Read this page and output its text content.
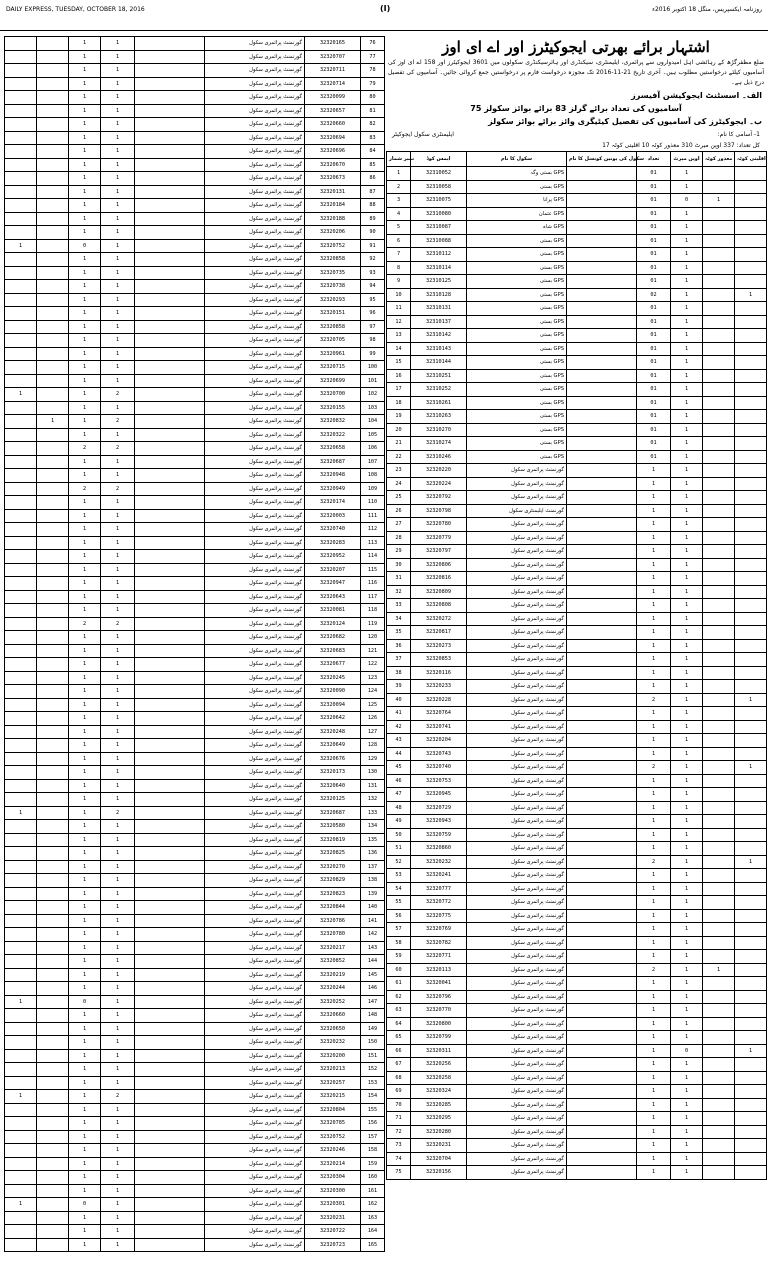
DAILY EXPRESS, TUESDAY, OCTOBER 18, 2016	(I)	روزنامہ ایکسپریس، منگل 18 اکتوبر 2016ء
اشتہار برائے بھرتی ایجوکیٹرز اور اے ای اوز
ضلع مظفرگڑھ کے رہائشی اہل امیدواروں سے پرائمری، ایلیمنٹری، سیکنڈری اور ہائرسیکنڈری سکولوں میں 3601 ایجوکیٹرز اور 158 اے ای اوز کی آسامیوں کیلئے درخواستیں مطلوب ہیں۔ آخری تاریخ 21-11-2016 تک مجوزہ درخواست فارم پر درخواستیں جمع کروائی جائیں۔ آسامیوں کی تفصیل درج ذیل ہے۔
الف۔ اسسٹنٹ ایجوکیشن آفیسرز
آسامیوں کی تعداد برائے گرلز 83 برائے بوائز سکولز 75
ب۔ ایجوکیٹرز کی آسامیوں کی تفصیل کیٹیگری وائز برائے بوائز سکولز
1- آسامی کا نام:
ایلیمنٹری سکول ایجوکیٹر
کل تعداد: 337 اوپن میرٹ 310 معذور کوٹہ 10 اقلیتی کوٹہ 17
نمبر شمار	ایمس کوڈ	سکول کا نام	سکول کی یونین کونسل کا نام	تعداد	اوپن میرٹ	معذور کوٹہ	اقلیتی کوٹہ
1	32310052	GPS بستی وگہ		01	1		
2	32310058	GPS بستی		01	1		
3	32310075	GPS پرانا		01	0	1	
4	32310080	GPS عثمان		01	1		
5	32310087	GPS شاہ		01	1		
6	32310088	GPS بستی		01	1		
7	32310112	GPS بستی		01	1		
8	32310114	GPS بستی		01	1		
9	32310125	GPS بستی		01	1		
10	32310128	GPS بستی		02	1		1
11	32310131	GPS بستی		01	1		
12	32310137	GPS بستی		01	1		
13	32310142	GPS بستی		01	1		
14	32310143	GPS بستی		01	1		
15	32310144	GPS بستی		01	1		
16	32310251	GPS بستی		01	1		
17	32310252	GPS بستی		01	1		
18	32310261	GPS بستی		01	1		
19	32310263	GPS بستی		01	1		
20	32310270	GPS بستی		01	1		
21	32310274	GPS بستی		01	1		
22	32310246	GPS بستی		01	1		
23	32320220	گورنمنٹ پرائمری سکول		1	1		
24	32320224	گورنمنٹ پرائمری سکول		1	1		
25	32320792	گورنمنٹ پرائمری سکول		1	1		
26	32320798	گورنمنٹ ایلیمنٹری سکول		1	1		
27	32320780	گورنمنٹ پرائمری سکول		1	1		
28	32320779	گورنمنٹ پرائمری سکول		1	1		
29	32320797	گورنمنٹ پرائمری سکول		1	1		
30	32320806	گورنمنٹ پرائمری سکول		1	1		
31	32320816	گورنمنٹ پرائمری سکول		1	1		
32	32320809	گورنمنٹ پرائمری سکول		1	1		
33	32320808	گورنمنٹ پرائمری سکول		1	1		
34	32320272	گورنمنٹ پرائمری سکول		1	1		
35	32320817	گورنمنٹ پرائمری سکول		1	1		
36	32320273	گورنمنٹ پرائمری سکول		1	1		
37	32320853	گورنمنٹ پرائمری سکول		1	1		
38	32320116	گورنمنٹ پرائمری سکول		1	1		
39	32320233	گورنمنٹ پرائمری سکول		1	1		
40	32320228	گورنمنٹ پرائمری سکول		2	1		1
41	32320764	گورنمنٹ پرائمری سکول		1	1		
42	32320741	گورنمنٹ پرائمری سکول		1	1		
43	32320204	گورنمنٹ پرائمری سکول		1	1		
44	32320743	گورنمنٹ پرائمری سکول		1	1		
45	32320740	گورنمنٹ پرائمری سکول		2	1		1
46	32320753	گورنمنٹ پرائمری سکول		1	1		
47	32320945	گورنمنٹ پرائمری سکول		1	1		
48	32320729	گورنمنٹ پرائمری سکول		1	1		
49	32320943	گورنمنٹ پرائمری سکول		1	1		
50	32320759	گورنمنٹ پرائمری سکول		1	1		
51	32320860	گورنمنٹ پرائمری سکول		1	1		
52	32320232	گورنمنٹ پرائمری سکول		2	1		1
53	32320241	گورنمنٹ پرائمری سکول		1	1		
54	32320777	گورنمنٹ پرائمری سکول		1	1		
55	32320772	گورنمنٹ پرائمری سکول		1	1		
56	32320775	گورنمنٹ پرائمری سکول		1	1		
57	32320769	گورنمنٹ پرائمری سکول		1	1		
58	32320782	گورنمنٹ پرائمری سکول		1	1		
59	32320771	گورنمنٹ پرائمری سکول		1	1		
60	32320113	گورنمنٹ پرائمری سکول		2	1	1	
61	32320041	گورنمنٹ پرائمری سکول		1	1		
62	32320796	گورنمنٹ پرائمری سکول		1	1		
63	32320770	گورنمنٹ پرائمری سکول		1	1		
64	32320800	گورنمنٹ پرائمری سکول		1	1		
65	32320799	گورنمنٹ پرائمری سکول		1	1		
66	32320311	گورنمنٹ پرائمری سکول		1	0		1
67	32320256	گورنمنٹ پرائمری سکول		1	1		
68	32320258	گورنمنٹ پرائمری سکول		1	1		
69	32320324	گورنمنٹ پرائمری سکول		1	1		
70	32320285	گورنمنٹ پرائمری سکول		1	1		
71	32320295	گورنمنٹ پرائمری سکول		1	1		
72	32320280	گورنمنٹ پرائمری سکول		1	1		
73	32320231	گورنمنٹ پرائمری سکول		1	1		
74	32320704	گورنمنٹ پرائمری سکول		1	1		
75	32320156	گورنمنٹ پرائمری سکول		1	1		
		1	1		گورنمنٹ پرائمری سکول	32320165	76
		1	1		گورنمنٹ پرائمری سکول	32320707	77
		1	1		گورنمنٹ پرائمری سکول	32320711	78
		1	1		گورنمنٹ پرائمری سکول	32320714	79
		1	1		گورنمنٹ پرائمری سکول	32320099	80
		1	1		گورنمنٹ پرائمری سکول	32320657	81
		1	1		گورنمنٹ پرائمری سکول	32320660	82
		1	1		گورنمنٹ پرائمری سکول	32320694	83
		1	1		گورنمنٹ پرائمری سکول	32320696	84
		1	1		گورنمنٹ پرائمری سکول	32320670	85
		1	1		گورنمنٹ پرائمری سکول	32320673	86
		1	1		گورنمنٹ پرائمری سکول	32320131	87
		1	1		گورنمنٹ پرائمری سکول	32320184	88
		1	1		گورنمنٹ پرائمری سکول	32320188	89
		1	1		گورنمنٹ پرائمری سکول	32320206	90
1		0	1		گورنمنٹ پرائمری سکول	32320752	91
		1	1		گورنمنٹ پرائمری سکول	32320858	92
		1	1		گورنمنٹ پرائمری سکول	32320735	93
		1	1		گورنمنٹ پرائمری سکول	32320738	94
		1	1		گورنمنٹ پرائمری سکول	32320293	95
		1	1		گورنمنٹ پرائمری سکول	32320151	96
		1	1		گورنمنٹ پرائمری سکول	32320858	97
		1	1		گورنمنٹ پرائمری سکول	32320705	98
		1	1		گورنمنٹ پرائمری سکول	32320961	99
		1	1		گورنمنٹ پرائمری سکول	32320715	100
		1	1		گورنمنٹ پرائمری سکول	32320699	101
1		1	2		گورنمنٹ پرائمری سکول	32320700	102
		1	1		گورنمنٹ پرائمری سکول	32320155	103
	1	1	2		گورنمنٹ پرائمری سکول	32320832	104
		1	1		گورنمنٹ پرائمری سکول	32320322	105
		2	2		گورنمنٹ پرائمری سکول	32320658	106
		1	1		گورنمنٹ پرائمری سکول	32320687	107
		1	1		گورنمنٹ پرائمری سکول	32320948	108
		2	2		گورنمنٹ پرائمری سکول	32320949	109
		1	1		گورنمنٹ پرائمری سکول	32320174	110
		1	1		گورنمنٹ پرائمری سکول	32320003	111
		1	1		گورنمنٹ پرائمری سکول	32320740	112
		1	1		گورنمنٹ پرائمری سکول	32320283	113
		1	1		گورنمنٹ پرائمری سکول	32320952	114
		1	1		گورنمنٹ پرائمری سکول	32320207	115
		1	1		گورنمنٹ پرائمری سکول	32320947	116
		1	1		گورنمنٹ پرائمری سکول	32320643	117
		1	1		گورنمنٹ پرائمری سکول	32320081	118
		2	2		گورنمنٹ پرائمری سکول	32320124	119
		1	1		گورنمنٹ پرائمری سکول	32320682	120
		1	1		گورنمنٹ پرائمری سکول	32320683	121
		1	1		گورنمنٹ پرائمری سکول	32320677	122
		1	1		گورنمنٹ پرائمری سکول	32320245	123
		1	1		گورنمنٹ پرائمری سکول	32320090	124
		1	1		گورنمنٹ پرائمری سکول	32320094	125
		1	1		گورنمنٹ پرائمری سکول	32320642	126
		1	1		گورنمنٹ پرائمری سکول	32320248	127
		1	1		گورنمنٹ پرائمری سکول	32320649	128
		1	1		گورنمنٹ پرائمری سکول	32320676	129
		1	1		گورنمنٹ پرائمری سکول	32320173	130
		1	1		گورنمنٹ پرائمری سکول	32320640	131
		1	1		گورنمنٹ پرائمری سکول	32320125	132
1		1	2		گورنمنٹ پرائمری سکول	32320687	133
		1	1		گورنمنٹ پرائمری سکول	32320580	134
		1	1		گورنمنٹ پرائمری سکول	32320819	135
		1	1		گورنمنٹ پرائمری سکول	32320825	136
		1	1		گورنمنٹ پرائمری سکول	32320270	137
		1	1		گورنمنٹ پرائمری سکول	32320829	138
		1	1		گورنمنٹ پرائمری سکول	32320823	139
		1	1		گورنمنٹ پرائمری سکول	32320844	140
		1	1		گورنمنٹ پرائمری سکول	32320786	141
		1	1		گورنمنٹ پرائمری سکول	32320780	142
		1	1		گورنمنٹ پرائمری سکول	32320217	143
		1	1		گورنمنٹ پرائمری سکول	32320852	144
		1	1		گورنمنٹ پرائمری سکول	32320219	145
		1	1		گورنمنٹ پرائمری سکول	32320244	146
1		0	1		گورنمنٹ پرائمری سکول	32320252	147
		1	1		گورنمنٹ پرائمری سکول	32320660	148
		1	1		گورنمنٹ پرائمری سکول	32320650	149
		1	1		گورنمنٹ پرائمری سکول	32320232	150
		1	1		گورنمنٹ پرائمری سکول	32320200	151
		1	1		گورنمنٹ پرائمری سکول	32320213	152
		1	1		گورنمنٹ پرائمری سکول	32320257	153
1		1	2		گورنمنٹ پرائمری سکول	32320215	154
		1	1		گورنمنٹ پرائمری سکول	32320804	155
		1	1		گورنمنٹ پرائمری سکول	32320785	156
		1	1		گورنمنٹ پرائمری سکول	32320752	157
		1	1		گورنمنٹ پرائمری سکول	32320246	158
		1	1		گورنمنٹ پرائمری سکول	32320214	159
		1	1		گورنمنٹ پرائمری سکول	32320304	160
		1	1		گورنمنٹ پرائمری سکول	32320300	161
1		0	1		گورنمنٹ پرائمری سکول	32320301	162
		1	1		گورنمنٹ پرائمری سکول	32320231	163
		1	1		گورنمنٹ پرائمری سکول	32320722	164
		1	1		گورنمنٹ پرائمری سکول	32320723	165
